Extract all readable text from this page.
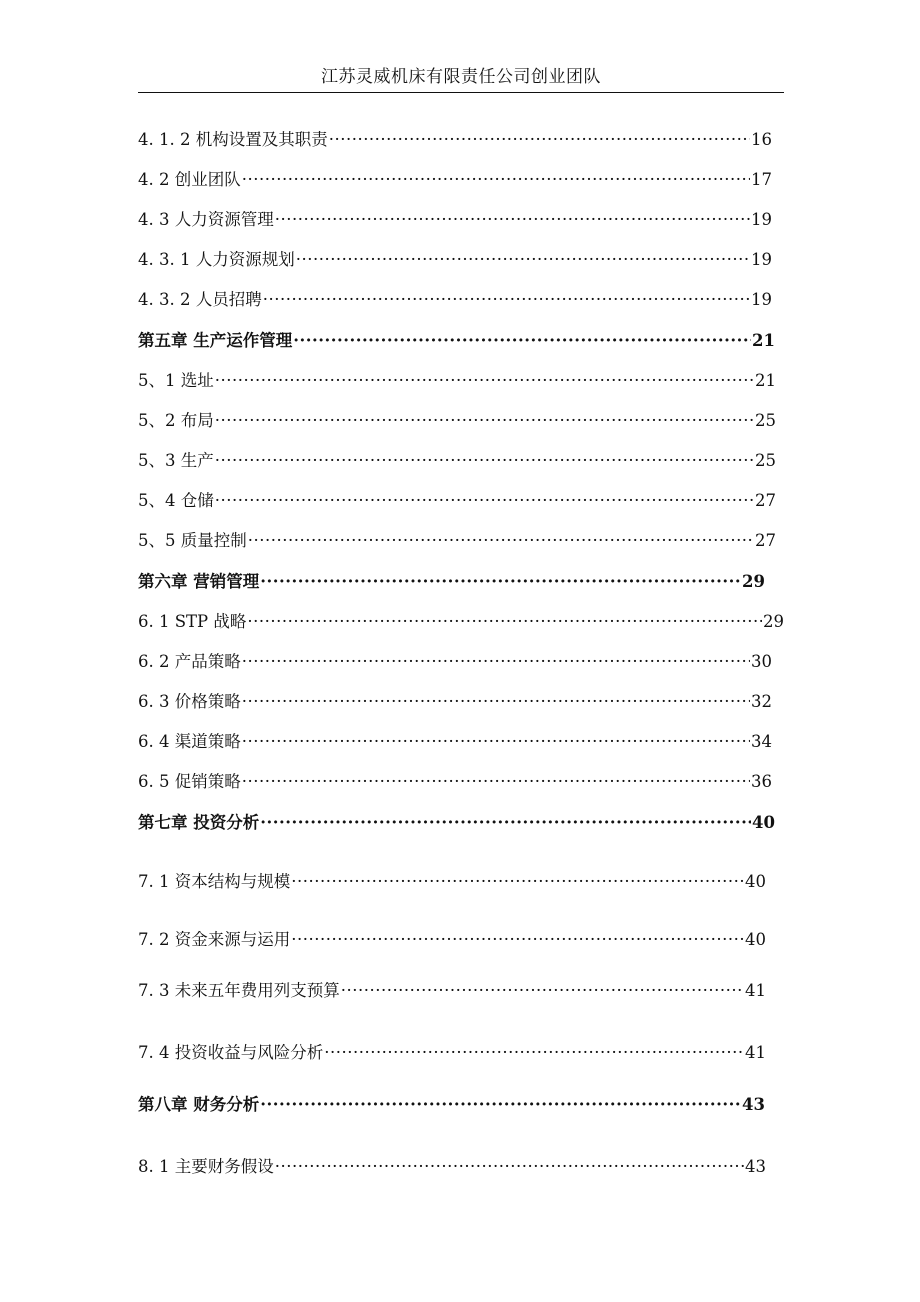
江苏灵威机床有限责任公司创业团队
4. 1. 2 机构设置及其职责 ·····	16
4. 2 创业团队 ·····	17
4. 3 人力资源管理 ·····	19
4. 3. 1 人力资源规划 ·····	19
4. 3. 2 人员招聘 ·····	19
第五章 生产运作管理 ·····	21
5、1 选址 ·····	21
5、2 布局 ·····	25
5、3 生产 ·····	25
5、4 仓储 ·····	27
5、5 质量控制 ·····	27
第六章 营销管理 ·····	29
6. 1 STP 战略 ·····	29
6. 2 产品策略 ·····	30
6. 3 价格策略 ·····	32
6. 4 渠道策略 ·····	34
6. 5 促销策略 ·····	36
第七章 投资分析 ·····	40
7. 1 资本结构与规模 ·····	40
7. 2 资金来源与运用 ·····	40
7. 3 未来五年费用列支预算 ·····	41
7. 4 投资收益与风险分析 ·····	41
第八章 财务分析 ·····	43
8. 1 主要财务假设 ·····	43
